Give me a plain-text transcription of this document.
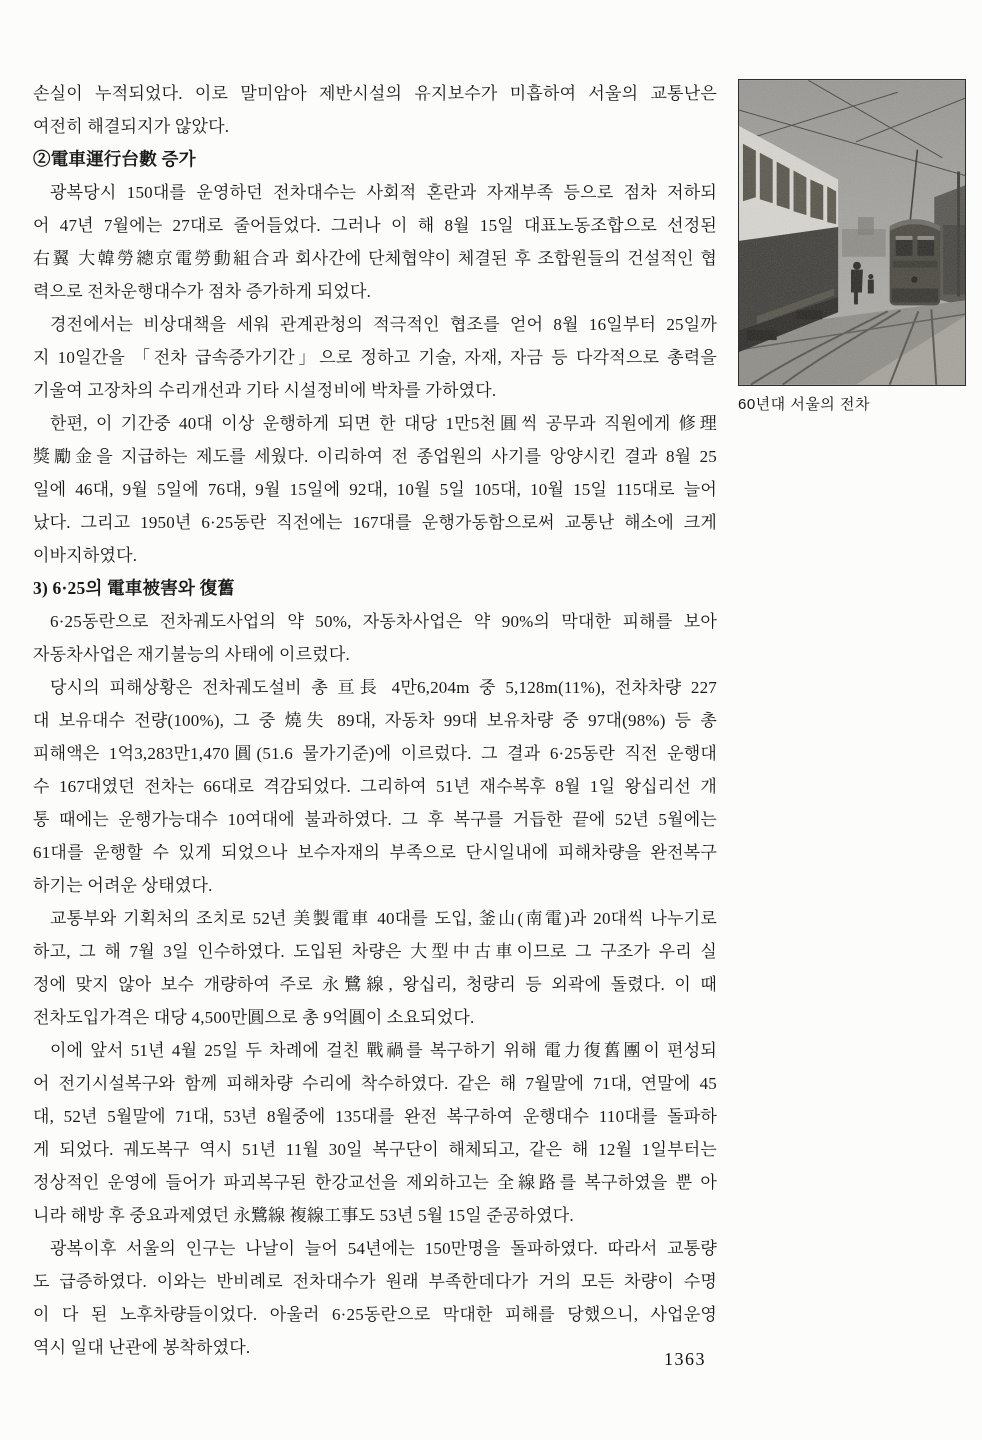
손실이 누적되었다. 이로 말미암아 제반시설의 유지보수가 미흡하여 서울의 교통난은
여전히 해결되지가 않았다.
②電車運行台數 증가
광복당시 150대를 운영하던 전차대수는 사회적 혼란과 자재부족 등으로 점차 저하되
어 47년 7월에는 27대로 줄어들었다. 그러나 이 해 8월 15일 대표노동조합으로 선정된
右翼 大韓勞總京電勞動組合과 회사간에 단체협약이 체결된 후 조합원들의 건설적인 협
력으로 전차운행대수가 점차 증가하게 되었다.
경전에서는 비상대책을 세워 관계관청의 적극적인 협조를 얻어 8월 16일부터 25일까
지 10일간을 「전차 급속증가기간」으로 정하고 기술, 자재, 자금 등 다각적으로 총력을
기울여 고장차의 수리개선과 기타 시설정비에 박차를 가하였다.
한편, 이 기간중 40대 이상 운행하게 되면 한 대당 1만5천圓씩 공무과 직원에게 修理
獎勵金을 지급하는 제도를 세웠다. 이리하여 전 종업원의 사기를 앙양시킨 결과 8월 25
일에 46대, 9월 5일에 76대, 9월 15일에 92대, 10월 5일 105대, 10월 15일 115대로 늘어
났다. 그리고 1950년 6·25동란 직전에는 167대를 운행가동함으로써 교통난 해소에 크게
이바지하였다.
3) 6·25의 電車被害와 復舊
6·25동란으로 전차궤도사업의 약 50%, 자동차사업은 약 90%의 막대한 피해를 보아
자동차사업은 재기불능의 사태에 이르렀다.
당시의 피해상황은 전차궤도설비 총 亘長 4만6,204m 중 5,128m(11%), 전차차량 227
대 보유대수 전량(100%), 그 중 燒失 89대, 자동차 99대 보유차량 중 97대(98%) 등 총
피해액은 1억3,283만1,470圓(51.6 물가기준)에 이르렀다. 그 결과 6·25동란 직전 운행대
수 167대였던 전차는 66대로 격감되었다. 그리하여 51년 재수복후 8월 1일 왕십리선 개
통 때에는 운행가능대수 10여대에 불과하였다. 그 후 복구를 거듭한 끝에 52년 5월에는
61대를 운행할 수 있게 되었으나 보수자재의 부족으로 단시일내에 피해차량을 완전복구
하기는 어려운 상태였다.
교통부와 기획처의 조치로 52년 美製電車 40대를 도입, 釜山(南電)과 20대씩 나누기로
하고, 그 해 7월 3일 인수하였다. 도입된 차량은 大型中古車이므로 그 구조가 우리 실
정에 맞지 않아 보수 개량하여 주로 永鷺線, 왕십리, 청량리 등 외곽에 돌렸다. 이 때
전차도입가격은 대당 4,500만圓으로 총 9억圓이 소요되었다.
이에 앞서 51년 4월 25일 두 차례에 걸친 戰禍를 복구하기 위해 電力復舊團이 편성되
어 전기시설복구와 함께 피해차량 수리에 착수하였다. 같은 해 7월말에 71대, 연말에 45
대, 52년 5월말에 71대, 53년 8월중에 135대를 완전 복구하여 운행대수 110대를 돌파하
게 되었다. 궤도복구 역시 51년 11월 30일 복구단이 해체되고, 같은 해 12월 1일부터는
정상적인 운영에 들어가 파괴복구된 한강교선을 제외하고는 全線路를 복구하였을 뿐 아
니라 해방 후 중요과제였던 永鷺線 複線工事도 53년 5월 15일 준공하였다.
광복이후 서울의 인구는 나날이 늘어 54년에는 150만명을 돌파하였다. 따라서 교통량
도 급증하였다. 이와는 반비례로 전차대수가 원래 부족한데다가 거의 모든 차량이 수명
이 다 된 노후차량들이었다. 아울러 6·25동란으로 막대한 피해를 당했으니, 사업운영
역시 일대 난관에 봉착하였다.
60년대 서울의 전차
1363
